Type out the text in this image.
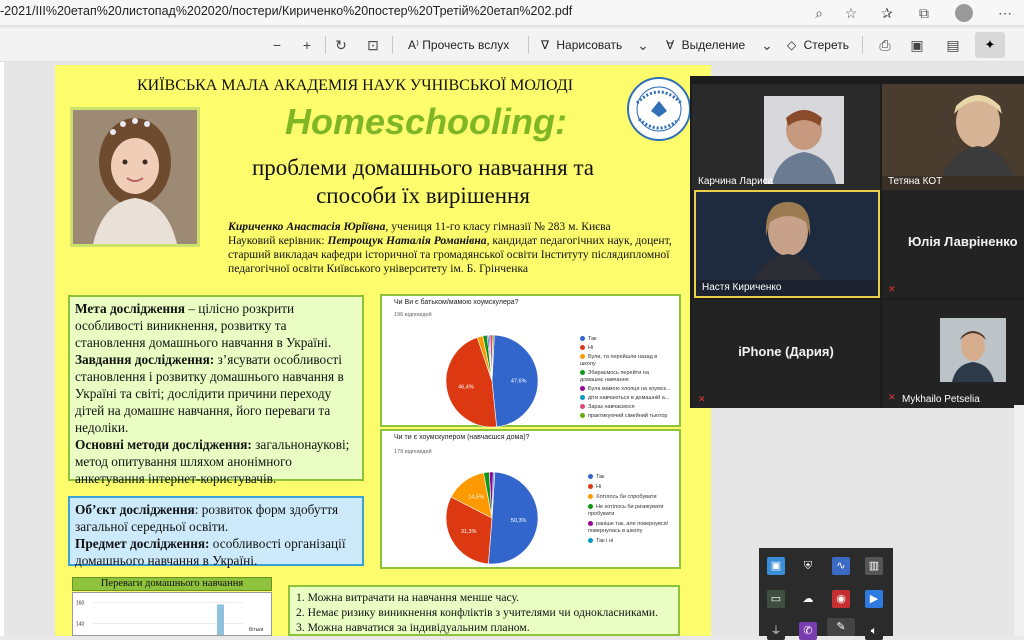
-2021/III%20етап%20листопад%202020/постери/Кириченко%20постер%20Третій%20етап%202.pdf	⌕	☆	✰	⧉	⋯
−	+	↻ ⊡ A⁾ Прочесть вслух	∇ Нарисовать ⌄ ∀ Выделение ⌄ ◇ Стереть ⎙ ▣ ▤	✦
КИЇВСЬКА МАЛА АКАДЕМІЯ НАУК УЧНІВСЬКОЇ МОЛОДІ
Homeschooling:
проблеми домашнього навчання та
способи їх вирішення
Кириченко Анастасія Юріївна, учениця 11-го класу гімназії № 283 м. Києва
Науковий керівник: Петрощук Наталія Романівна, кандидат педагогічних наук, доцент, старший викладач кафедри історичної та громадянської освіти Інституту післядипломної педагогічної освіти Київського університету ім. Б. Грінченка
Мета дослідження – цілісно розкрити особливості виникнення, розвитку та становлення домашнього навчання в Україні.
Завдання дослідження: з’ясувати особливості становлення і розвитку домашнього навчання в Україні та світі; дослідити причини переходу дітей на домашнє навчання, його переваги та недоліки.
Основні методи дослідження: загальнонаукові; метод опитування шляхом анонімного анкетування інтернет-користувачів.
Об’єкт дослідження: розвиток форм здобуття загальної середньої освіти.
Предмет дослідження: особливості організації домашнього навчання в Україні.
Чи Ви є батьком/мамою хоумскулера?
196 відповідей
47,6%
46,4%
Так
Ні
Були, та перейшли назад в школу
Збираємось перейти на домашнє навчання
Була мамою хлопця на хоумск...
діти навчаються в домашній а...
Зараз навчаємося
практикуючий сімейний тьютор
Чи ти є хоумскулером (навчаєшся дома)?
179 відповідей
50,3%
31,3%
14,5%
Так
Ні
Хотілось би спробувати
Не хотілось би ризикувати пробувати
раніше так, але повернувся/повернулась в школу
Так і ні
Переваги домашнього навчання
160
140
Бітьки
1. Можна витрачати на навчання менше часу.
2. Немає ризику виникнення конфліктів з учителями чи однокласниками.
3. Можна навчатися за індивідуальним планом.
Карчина Лариса	Тетяна КОТ
Настя Кириченко
Юлія Лавріненко
✕
iPhone (Дария)
✕	✕ Mykhailo Petselia
▣	⛨	∿	▥
▭	☁	◉	▶
⏚	✆	✎	🔈︎
